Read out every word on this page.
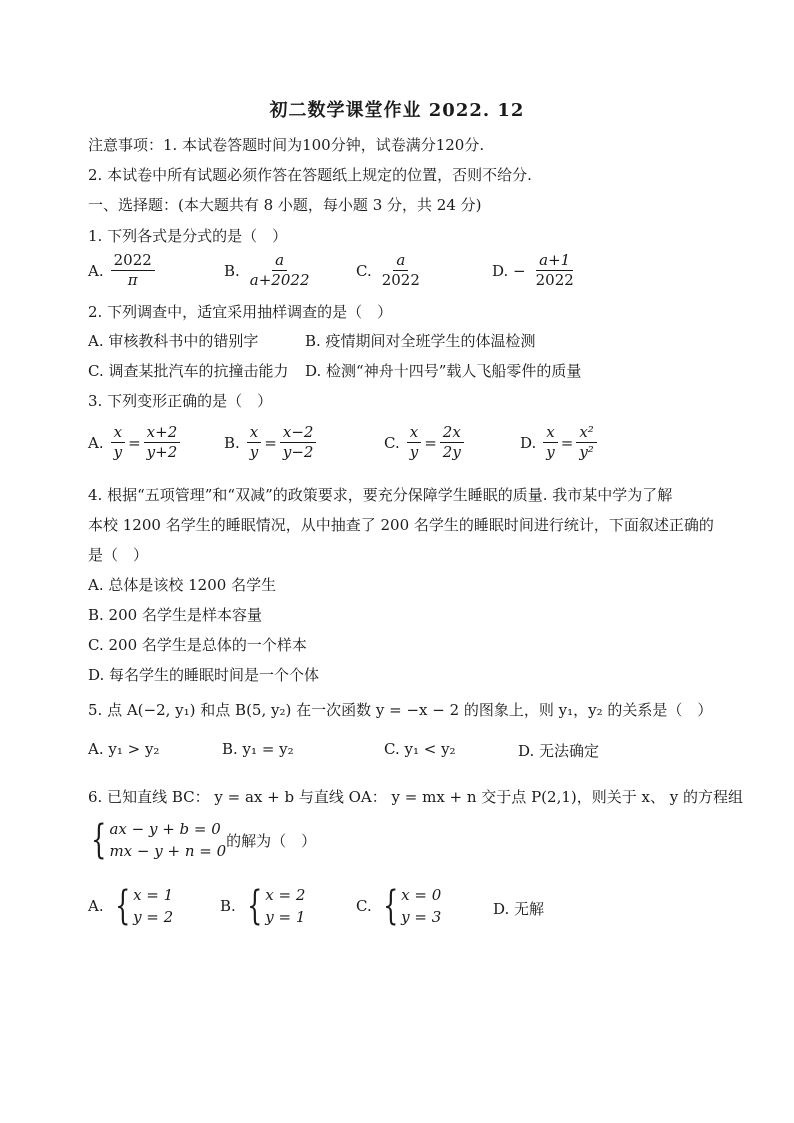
初二数学课堂作业 2022. 12
注意事项：1. 本试卷答题时间为100分钟，试卷满分120分.
2. 本试卷中所有试题必须作答在答题纸上规定的位置，否则不给分.
一、选择题：(本大题共有 8 小题，每小题 3 分，共 24 分)
1. 下列各式是分式的是（　）
A. $\frac{2022}{\pi}$	B. $\frac{a}{a+2022}$	C. $\frac{a}{2022}$	D. − $\frac{a+1}{2022}$
2. 下列调查中，适宜采用抽样调查的是（　）
A. 审核教科书中的错别字	B. 疫情期间对全班学生的体温检测
C. 调查某批汽车的抗撞击能力 D. 检测“神舟十四号”载人飞船零件的质量
3. 下列变形正确的是（　）
A. $\frac{x}{y} = \frac{x+2}{y+2}$	B. $\frac{x}{y} = \frac{x-2}{y-2}$	C. $\frac{x}{y} = \frac{2x}{2y}$	D. $\frac{x}{y} = \frac{\text{x²}}{\text{y²}}$
4. 根据“五项管理”和“双减”的政策要求，要充分保障学生睡眠的质量. 我市某中学为了解
本校 1200 名学生的睡眠情况，从中抽查了 200 名学生的睡眠时间进行统计，下面叙述正确的
是（　）
A. 总体是该校 1200 名学生
B. 200 名学生是样本容量
C. 200 名学生是总体的一个样本
D. 每名学生的睡眠时间是一个个体
5. 点 A(−2, y₁) 和点 B(5, y₂) 在一次函数 y = −x − 2 的图象上，则 y₁，y₂ 的关系是（　）
A. y₁ > y₂	B. y₁ = y₂	C. y₁ < y₂	D. 无法确定
6. 已知直线 BC： y = ax + b 与直线 OA： y = mx + n 交于点 P(2,1)，则关于 x、 y 的方程组
{ ax − y + b = 0
mx − y + n = 0
的解为（　）
A. { x = 1
y = 2
B. { x = 2
y = 1
C. { x = 0
y = 3	D. 无解
